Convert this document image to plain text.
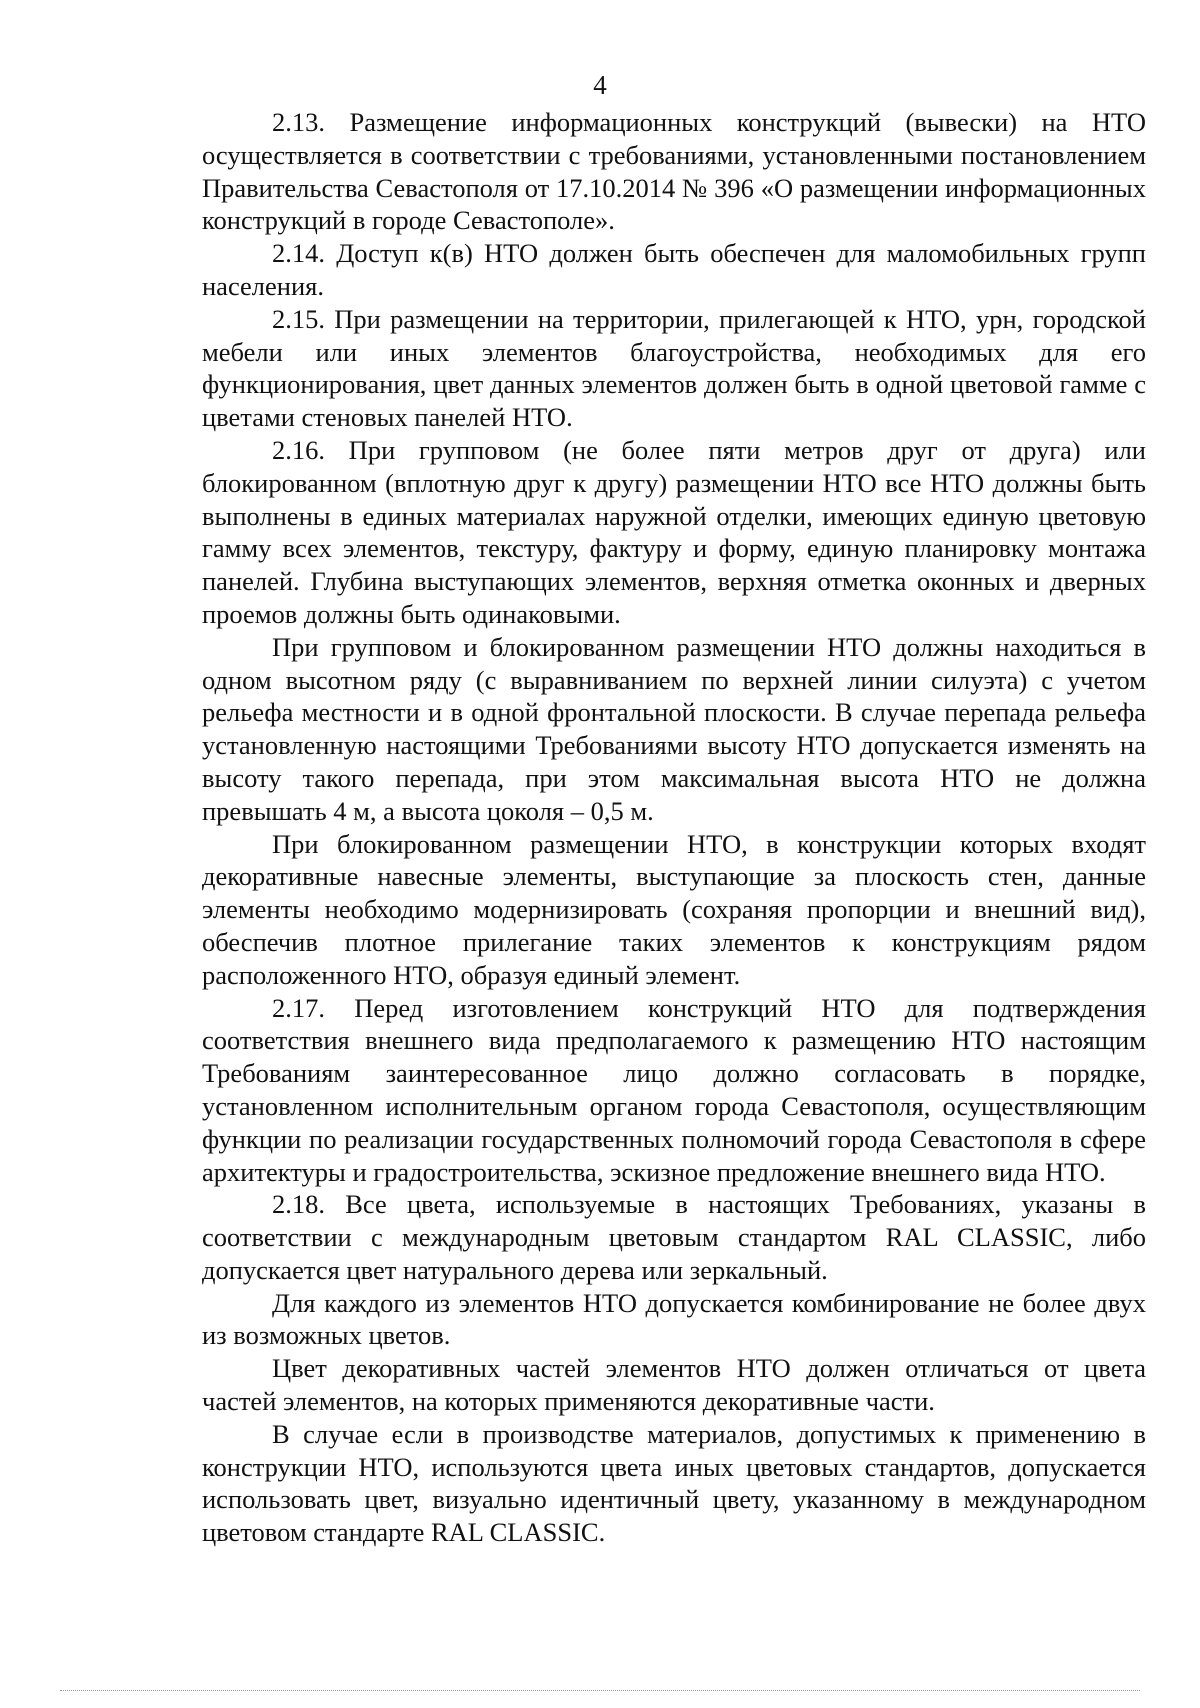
4

2.13. Размещение информационных конструкций (вывески) на НТО осуществляется в соответствии с требованиями, установленными постановлением Правительства Севастополя от 17.10.2014 № 396 «О размещении информационных конструкций в городе Севастополе».

2.14. Доступ к(в) НТО должен быть обеспечен для маломобильных групп населения.

2.15. При размещении на территории, прилегающей к НТО, урн, городской мебели или иных элементов благоустройства, необходимых для его функционирования, цвет данных элементов должен быть в одной цветовой гамме с цветами стеновых панелей НТО.

2.16. При групповом (не более пяти метров друг от друга) или блокированном (вплотную друг к другу) размещении НТО все НТО должны быть выполнены в единых материалах наружной отделки, имеющих единую цветовую гамму всех элементов, текстуру, фактуру и форму, единую планировку монтажа панелей. Глубина выступающих элементов, верхняя отметка оконных и дверных проемов должны быть одинаковыми.

При групповом и блокированном размещении НТО должны находиться в одном высотном ряду (с выравниванием по верхней линии силуэта) с учетом рельефа местности и в одной фронтальной плоскости. В случае перепада рельефа установленную настоящими Требованиями высоту НТО допускается изменять на высоту такого перепада, при этом максимальная высота НТО не должна превышать 4 м, а высота цоколя – 0,5 м.

При блокированном размещении НТО, в конструкции которых входят декоративные навесные элементы, выступающие за плоскость стен, данные элементы необходимо модернизировать (сохраняя пропорции и внешний вид), обеспечив плотное прилегание таких элементов к конструкциям рядом расположенного НТО, образуя единый элемент.

2.17. Перед изготовлением конструкций НТО для подтверждения соответствия внешнего вида предполагаемого к размещению НТО настоящим Требованиям заинтересованное лицо должно согласовать в порядке, установленном исполнительным органом города Севастополя, осуществляющим функции по реализации государственных полномочий города Севастополя в сфере архитектуры и градостроительства, эскизное предложение внешнего вида НТО.

2.18. Все цвета, используемые в настоящих Требованиях, указаны в соответствии с международным цветовым стандартом RAL CLASSIC, либо допускается цвет натурального дерева или зеркальный.

Для каждого из элементов НТО допускается комбинирование не более двух из возможных цветов.

Цвет декоративных частей элементов НТО должен отличаться от цвета частей элементов, на которых применяются декоративные части.

В случае если в производстве материалов, допустимых к применению в конструкции НТО, используются цвета иных цветовых стандартов, допускается использовать цвет, визуально идентичный цвету, указанному в международном цветовом стандарте RAL CLASSIC.
